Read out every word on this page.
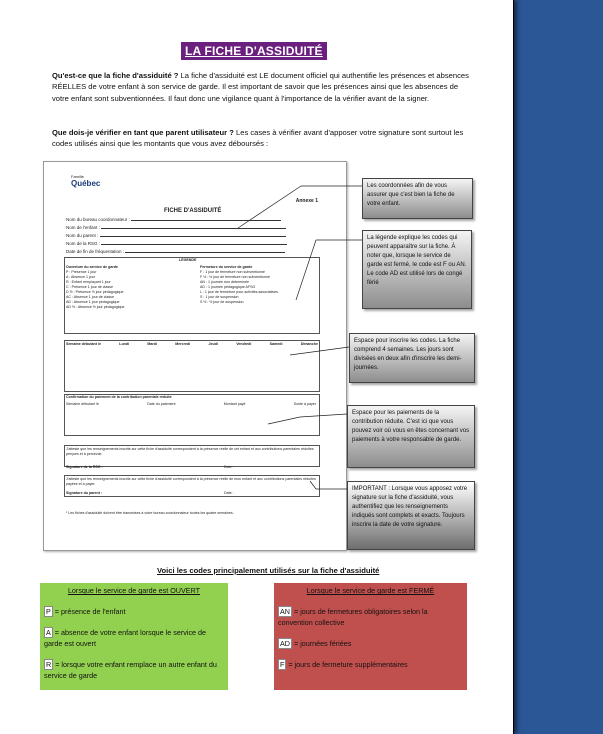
LA FICHE D'ASSIDUITÉ
Qu'est-ce que la fiche d'assiduité ? La fiche d'assiduité est LE document officiel qui authentifie les présences et absences RÉELLES de votre enfant à son service de garde. Il est important de savoir que les présences ainsi que les absences de votre enfant sont subventionnées. Il faut donc une vigilance quant à l'importance de la vérifier avant de la signer.
Que dois-je vérifier en tant que parent utilisateur ? Les cases à vérifier avant d'apposer votre signature sont surtout les codes utilisés ainsi que les montants que vous avez déboursés :
Famille
Québec
Annexe 1
FICHE D'ASSIDUITÉ
Nom du bureau coordonnateur :
Nom de l'enfant :
Nom du parent :
Nom de la RSG :
Date de fin de fréquentation :
LÉGENDE
Ouverture du service de garde
P : Présence 1 jour
A : Absence 1 jour
R : Enfant remplaçant 1 jour
C : Présence 1 jour de classe
D ½ : Présence ½ jour pédagogique
AC : Absence 1 jour de classe
AD : Absence 1 jour pédagogique
AD ½ : Absence ½ jour pédagogique
Fermeture du service de garde
F : 1 jour de fermeture non subventionné
F ½ : ½ jour de fermeture non subventionné
AN : 1 journée non déterminée
AD : 1 journée pédagogique AFSG
L : 1 jour de fermeture pour activités associatives
S : 1 jour de suspension
S ½ : ½ jour de suspension
Semaine débutant le	Lundi	Mardi	Mercredi	Jeudi	Vendredi	Samedi	Dimanche
Confirmation du paiement de la contribution parentale réduite
Semaine débutant le	Date du paiement	Montant payé	Solde à payer
J'atteste que les renseignements inscrits sur cette fiche d'assiduité correspondent à la présence réelle de cet enfant et aux contributions parentales réduites perçues et à percevoir.
Signature de la RSG :	Date :
J'atteste que les renseignements inscrits sur cette fiche d'assiduité correspondent à la présence réelle de mon enfant et aux contributions parentales réduites payées et à payer.
Signature du parent :	Date :
¹ Les fiches d'assiduité doivent être transmises à votre bureau coordonnateur toutes les quatre semaines.
Les coordonnées afin de vous assurer que c'est bien la fiche de votre enfant.
La légende explique les codes qui peuvent apparaître sur la fiche. À noter que, lorsque le service de garde est fermé, le code est F ou AN. Le code AD est utilisé lors de congé férié
Espace pour inscrire les codes. La fiche comprend 4 semaines. Les jours sont divisées en deux afin d'inscrire les demi-journées.
Espace pour les paiements de la contribution réduite. C'est ici que vous pouvez voir où vous en êtes concernant vos paiements à votre responsable de garde.
IMPORTANT : Lorsque vous apposez votre signature sur la fiche d'assiduité, vous authentifiez que les renseignements indiqués sont complets et exacts. Toujours inscrire la date de votre signature.
Voici les codes principalement utilisés sur la fiche d'assiduité
Lorsque le service de garde est OUVERT

P = présence de l'enfant

A = absence de votre enfant lorsque le service de garde est ouvert

R = lorsque votre enfant remplace un autre enfant du service de garde

Lorsque le service de garde est FERMÉ

AN = jours de fermetures obligatoires selon la convention collective

AD = journées fériées

F = jours de fermeture supplémentaires
